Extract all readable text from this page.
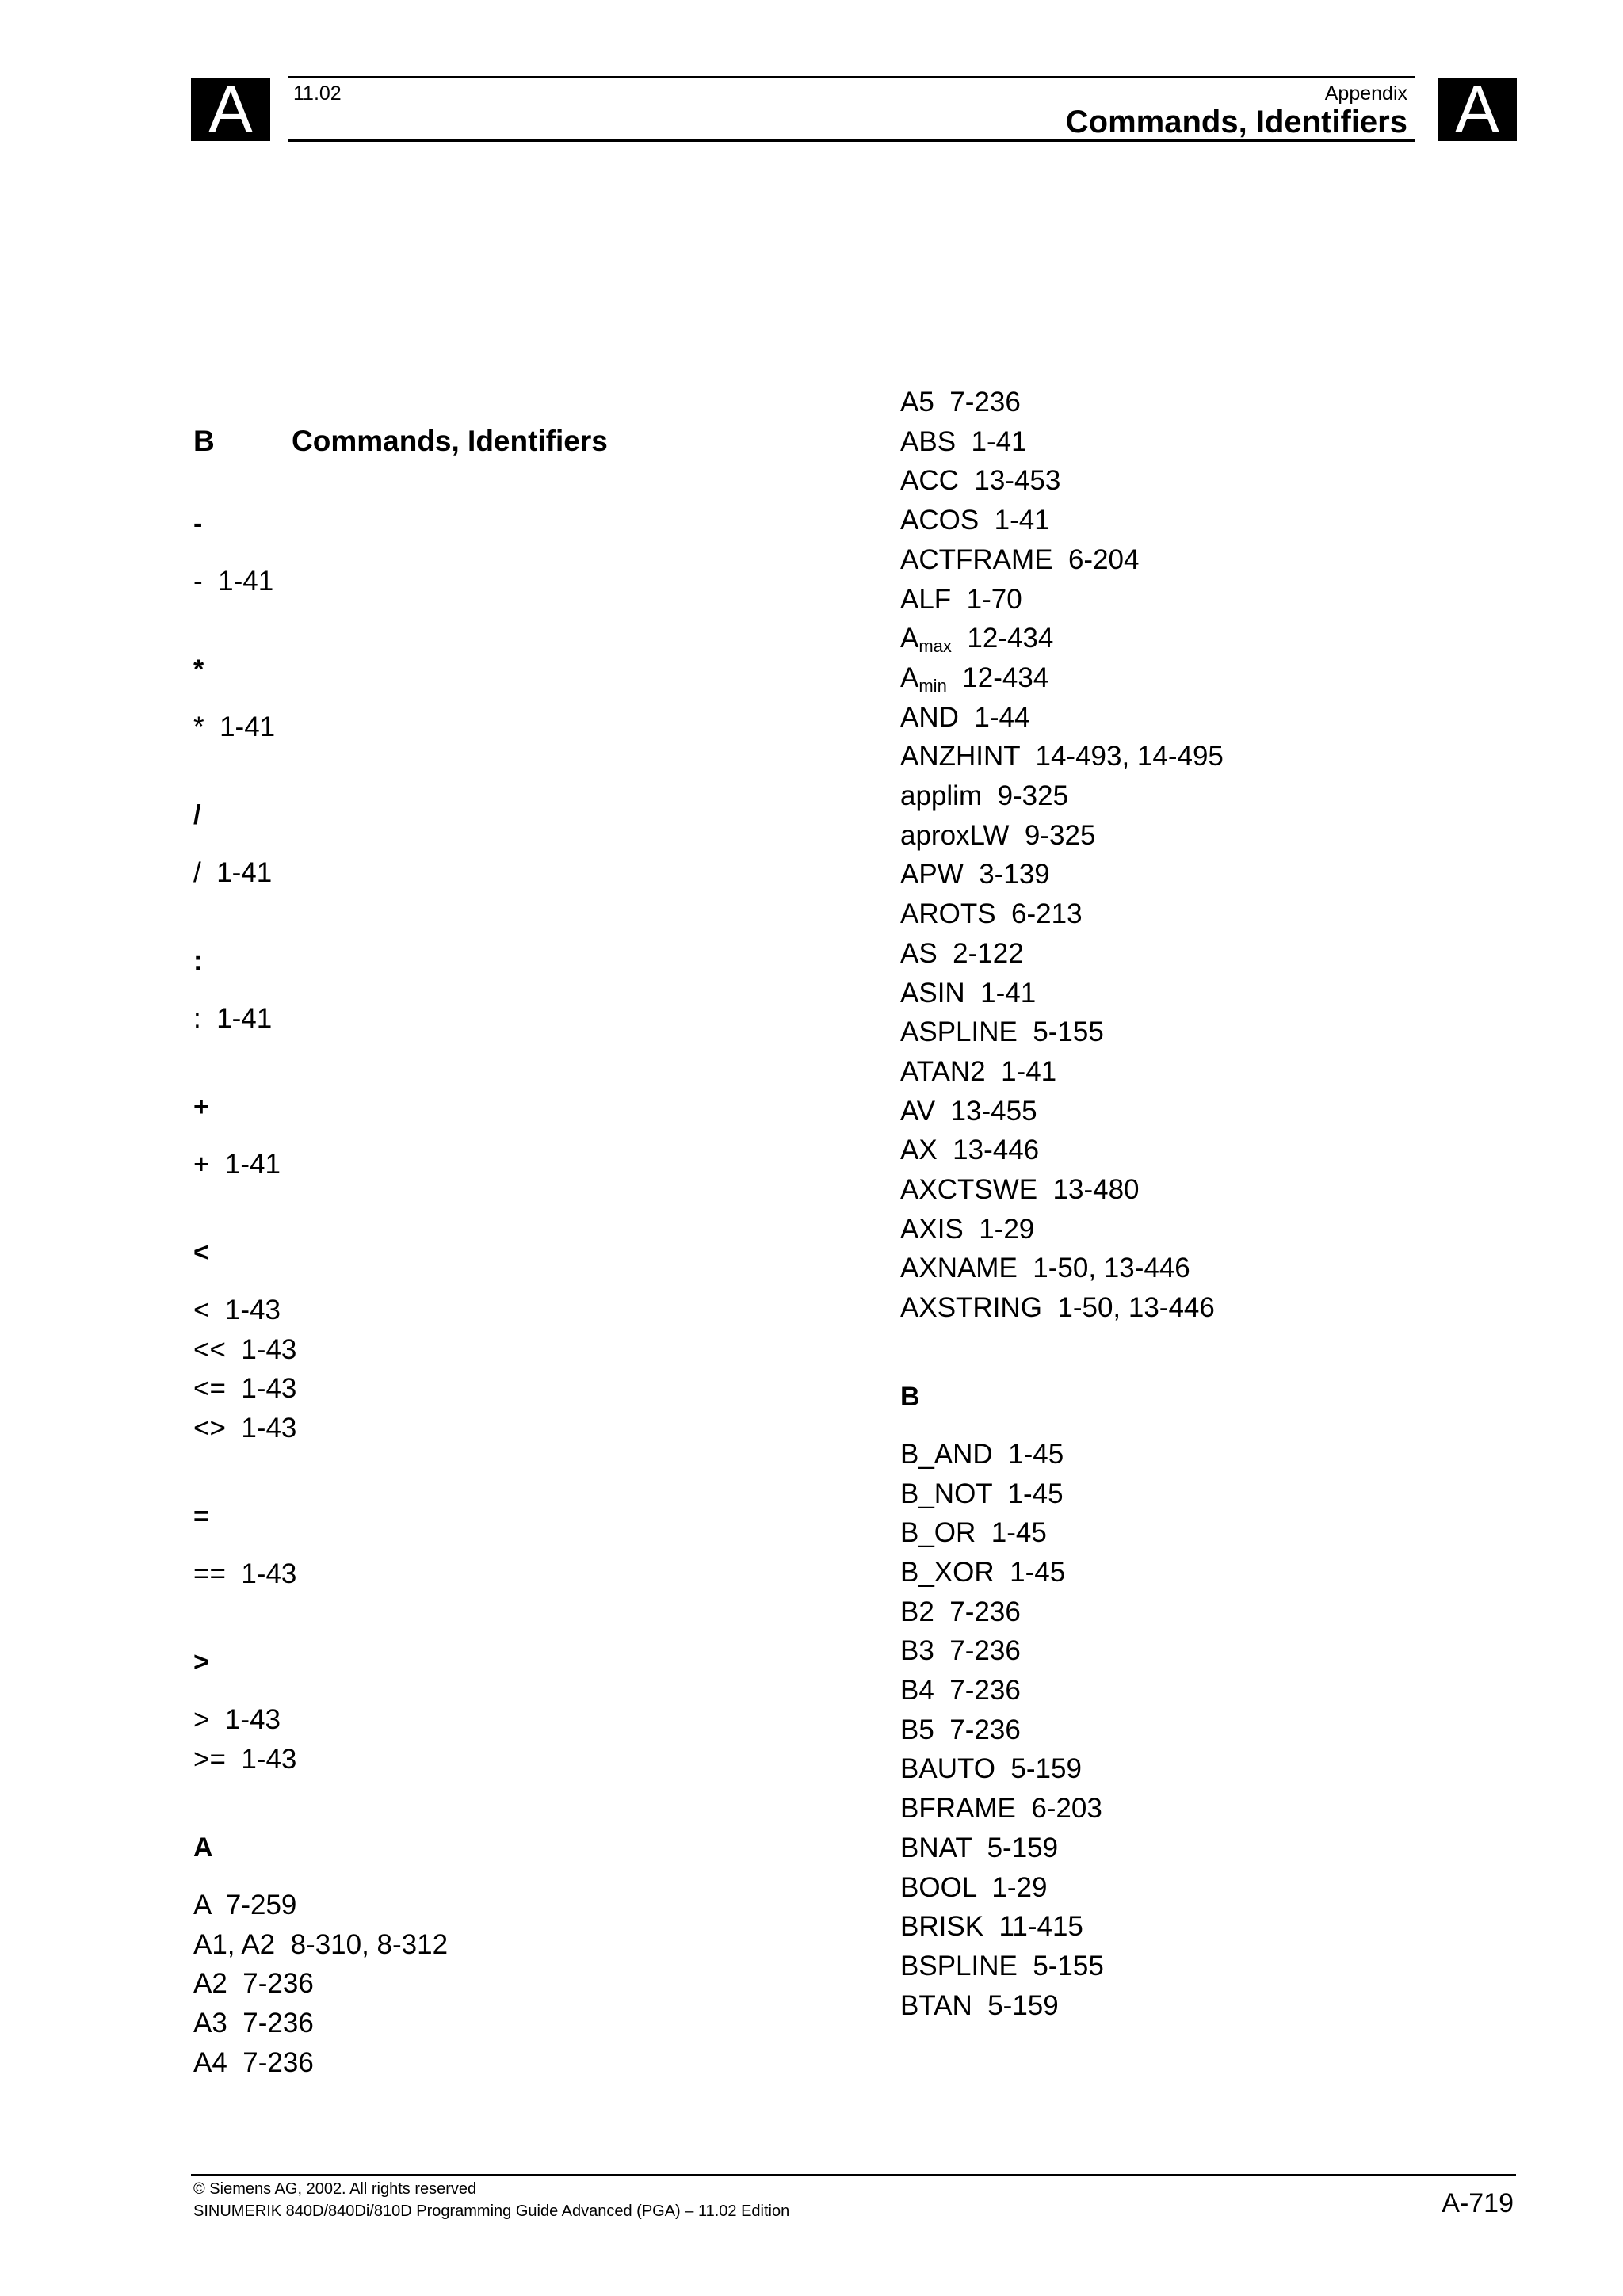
A	A
11.02	Appendix
Commands, Identifiers
B	Commands, Identifiers
-
- 1-41
*
* 1-41
/
/ 1-41
:
: 1-41
+
+ 1-41
<
< 1-43
<< 1-43
<= 1-43
<> 1-43
=
== 1-43
>
> 1-43
>= 1-43
A
A 7-259
A1, A2 8-310, 8-312
A2 7-236
A3 7-236
A4 7-236
A5 7-236
ABS 1-41
ACC 13-453
ACOS 1-41
ACTFRAME 6-204
ALF 1-70
$A_{max}$ 12-434
$A_{min}$ 12-434
AND 1-44
ANZHINT 14-493, 14-495
applim 9-325
aproxLW 9-325
APW 3-139
AROTS 6-213
AS 2-122
ASIN 1-41
ASPLINE 5-155
ATAN2 1-41
AV 13-455
AX 13-446
AXCTSWE 13-480
AXIS 1-29
AXNAME 1-50, 13-446
AXSTRING 1-50, 13-446
B
B_AND 1-45
B_NOT 1-45
B_OR 1-45
B_XOR 1-45
B2 7-236
B3 7-236
B4 7-236
B5 7-236
BAUTO 5-159
BFRAME 6-203
BNAT 5-159
BOOL 1-29
BRISK 11-415
BSPLINE 5-155
BTAN 5-159
© Siemens AG, 2002. All rights reserved
SINUMERIK 840D/840Di/810D Programming Guide Advanced (PGA) – 11.02 Edition	A-719
